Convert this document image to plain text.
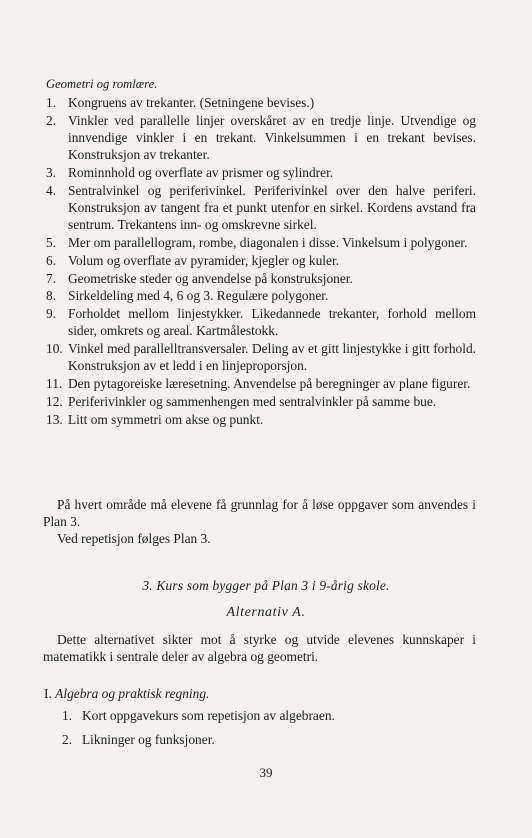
Geometri og romlære.
1. Kongruens av trekanter. (Setningene bevises.)
2. Vinkler ved parallelle linjer overskåret av en tredje linje. Utvendige og innvendige vinkler i en trekant. Vinkelsummen i en trekant bevises. Konstruksjon av trekanter.
3. Rominnhold og overflate av prismer og sylindrer.
4. Sentralvinkel og periferivinkel. Periferivinkel over den halve periferi. Konstruksjon av tangent fra et punkt utenfor en sirkel. Kordens avstand fra sentrum. Trekantens inn- og omskrevne sirkel.
5. Mer om parallellogram, rombe, diagonalen i disse. Vinkelsum i polygoner.
6. Volum og overflate av pyramider, kjegler og kuler.
7. Geometriske steder og anvendelse på konstruksjoner.
8. Sirkeldeling med 4, 6 og 3. Regulære polygoner.
9. Forholdet mellom linjestykker. Likedannede trekanter, forhold mellom sider, omkrets og areal. Kartmålestokk.
10. Vinkel med parallelltransversaler. Deling av et gitt linjestykke i gitt forhold. Konstruksjon av et ledd i en linjeproporsjon.
11. Den pytagoreiske læresetning. Anvendelse på beregninger av plane figurer.
12. Periferivinkler og sammenhengen med sentralvinkler på samme bue.
13. Litt om symmetri om akse og punkt.

På hvert område må elevene få grunnlag for å løse oppgaver som anvendes i Plan 3.

Ved repetisjon følges Plan 3.

3. Kurs som bygger på Plan 3 i 9-årig skole.
Alternativ A.

Dette alternativet sikter mot å styrke og utvide elevenes kunnskaper i matematikk i sentrale deler av algebra og geometri.

I. Algebra og praktisk regning.
1. Kort oppgavekurs som repetisjon av algebraen.
2. Likninger og funksjoner.
39
